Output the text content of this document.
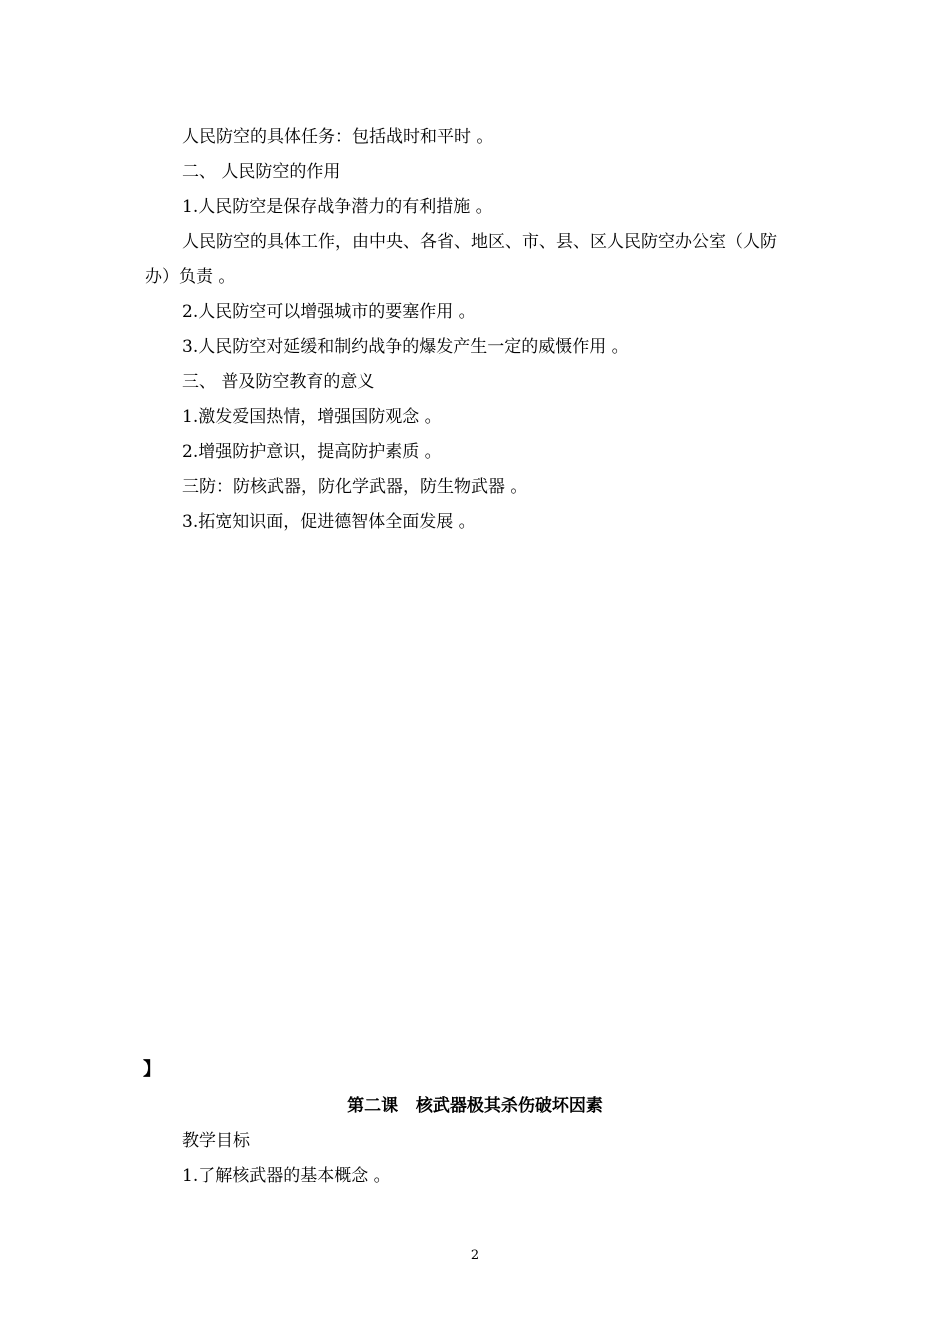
人民防空的具体任务：包括战时和平时 。
二、 人民防空的作用
1.人民防空是保存战争潜力的有利措施 。
人民防空的具体工作，由中央、各省、地区、市、县、区人民防空办公室（人防
办）负责 。
2.人民防空可以增强城市的要塞作用 。
3.人民防空对延缓和制约战争的爆发产生一定的威慑作用 。
三、 普及防空教育的意义
1.激发爱国热情，增强国防观念 。
2.增强防护意识，提高防护素质 。
三防：防核武器，防化学武器，防生物武器 。
3.拓宽知识面，促进德智体全面发展 。
】
第二课   核武器极其杀伤破坏因素
教学目标
1.了解核武器的基本概念 。
2
